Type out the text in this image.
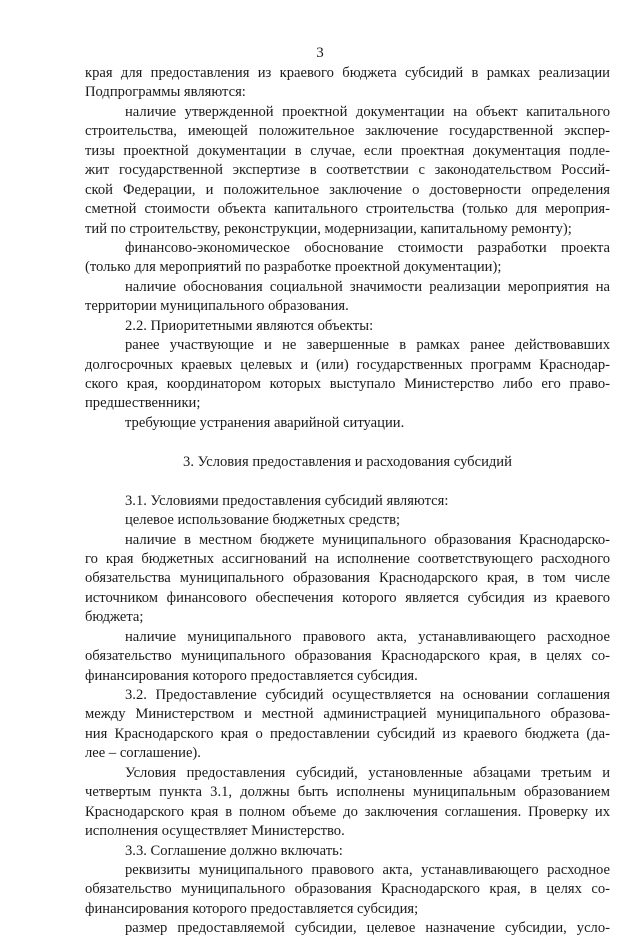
3
края для предоставления из краевого бюджета субсидий в рамках реализации
Подпрограммы являются:
наличие утвержденной проектной документации на объект капитального
строительства, имеющей положительное заключение государственной экспер-
тизы проектной документации в случае, если проектная документация подле-
жит государственной экспертизе в соответствии с законодательством Россий-
ской Федерации, и положительное заключение о достоверности определения
сметной стоимости объекта капитального строительства (только для мероприя-
тий по строительству, реконструкции, модернизации, капитальному ремонту);
финансово-экономическое обоснование стоимости разработки проекта
(только для мероприятий по разработке проектной документации);
наличие обоснования социальной значимости реализации мероприятия на
территории муниципального образования.
2.2. Приоритетными являются объекты:
ранее участвующие и не завершенные в рамках ранее действовавших
долгосрочных краевых целевых и (или) государственных программ Краснодар-
ского края, координатором которых выступало Министерство либо его право-
предшественники;
требующие устранения аварийной ситуации.
3. Условия предоставления и расходования субсидий
3.1. Условиями предоставления субсидий являются:
целевое использование бюджетных средств;
наличие в местном бюджете муниципального образования Краснодарско-
го края бюджетных ассигнований на исполнение соответствующего расходного
обязательства муниципального образования Краснодарского края, в том числе
источником финансового обеспечения которого является субсидия из краевого
бюджета;
наличие муниципального правового акта, устанавливающего расходное
обязательство муниципального образования Краснодарского края, в целях со-
финансирования которого предоставляется субсидия.
3.2. Предоставление субсидий осуществляется на основании соглашения
между Министерством и местной администрацией муниципального образова-
ния Краснодарского края о предоставлении субсидий из краевого бюджета (да-
лее – соглашение).
Условия предоставления субсидий, установленные абзацами третьим и
четвертым пункта 3.1, должны быть исполнены муниципальным образованием
Краснодарского края в полном объеме до заключения соглашения. Проверку их
исполнения осуществляет Министерство.
3.3. Соглашение должно включать:
реквизиты муниципального правового акта, устанавливающего расходное
обязательство муниципального образования Краснодарского края, в целях со-
финансирования которого предоставляется субсидия;
размер предоставляемой субсидии, целевое назначение субсидии, усло-
